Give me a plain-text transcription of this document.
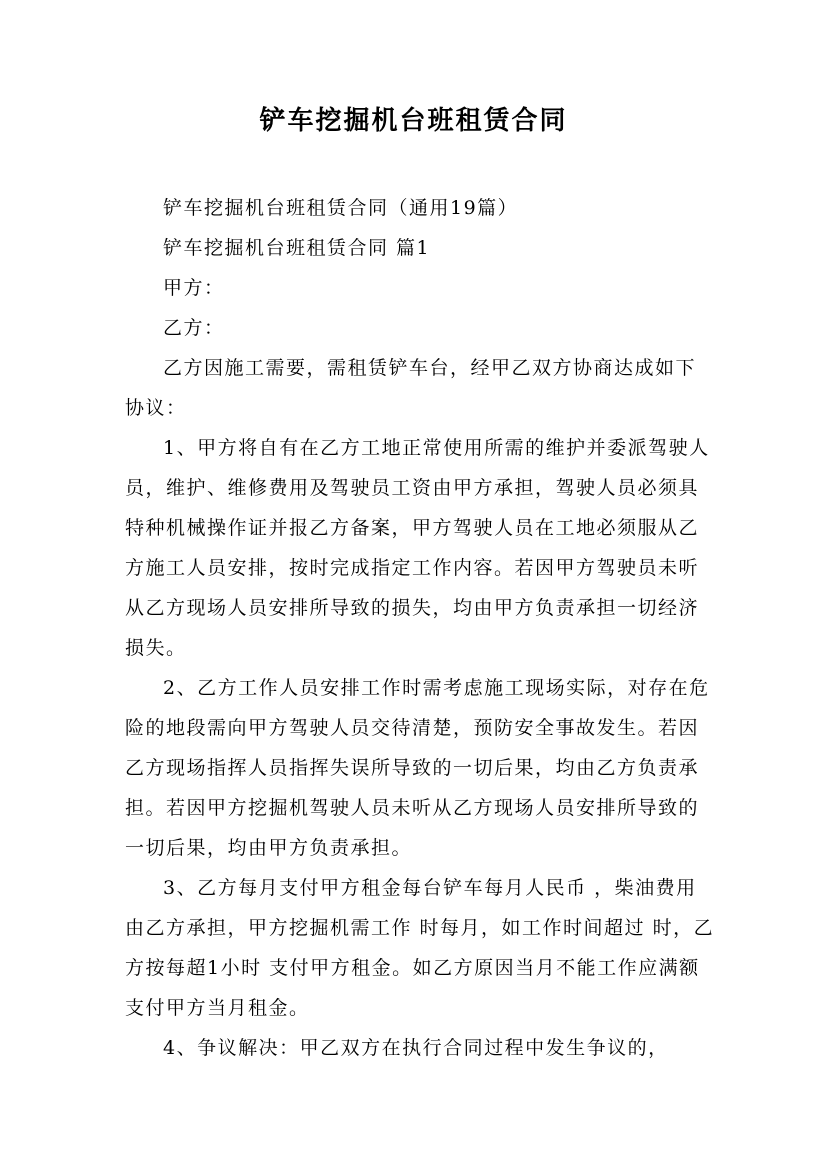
铲车挖掘机台班租赁合同

铲车挖掘机台班租赁合同（通用19篇）

铲车挖掘机台班租赁合同 篇1

甲方：

乙方：

乙方因施工需要，需租赁铲车台，经甲乙双方协商达成如下协议：

1、甲方将自有在乙方工地正常使用所需的维护并委派驾驶人员，维护、维修费用及驾驶员工资由甲方承担，驾驶人员必须具特种机械操作证并报乙方备案，甲方驾驶人员在工地必须服从乙方施工人员安排，按时完成指定工作内容。若因甲方驾驶员未听从乙方现场人员安排所导致的损失，均由甲方负责承担一切经济损失。

2、乙方工作人员安排工作时需考虑施工现场实际，对存在危险的地段需向甲方驾驶人员交待清楚，预防安全事故发生。若因乙方现场指挥人员指挥失误所导致的一切后果，均由乙方负责承担。若因甲方挖掘机驾驶人员未听从乙方现场人员安排所导致的一切后果，均由甲方负责承担。

3、乙方每月支付甲方租金每台铲车每月人民币 ，柴油费用由乙方承担，甲方挖掘机需工作 时每月，如工作时间超过 时，乙方按每超1小时 支付甲方租金。如乙方原因当月不能工作应满额支付甲方当月租金。

4、争议解决：甲乙双方在执行合同过程中发生争议的，
